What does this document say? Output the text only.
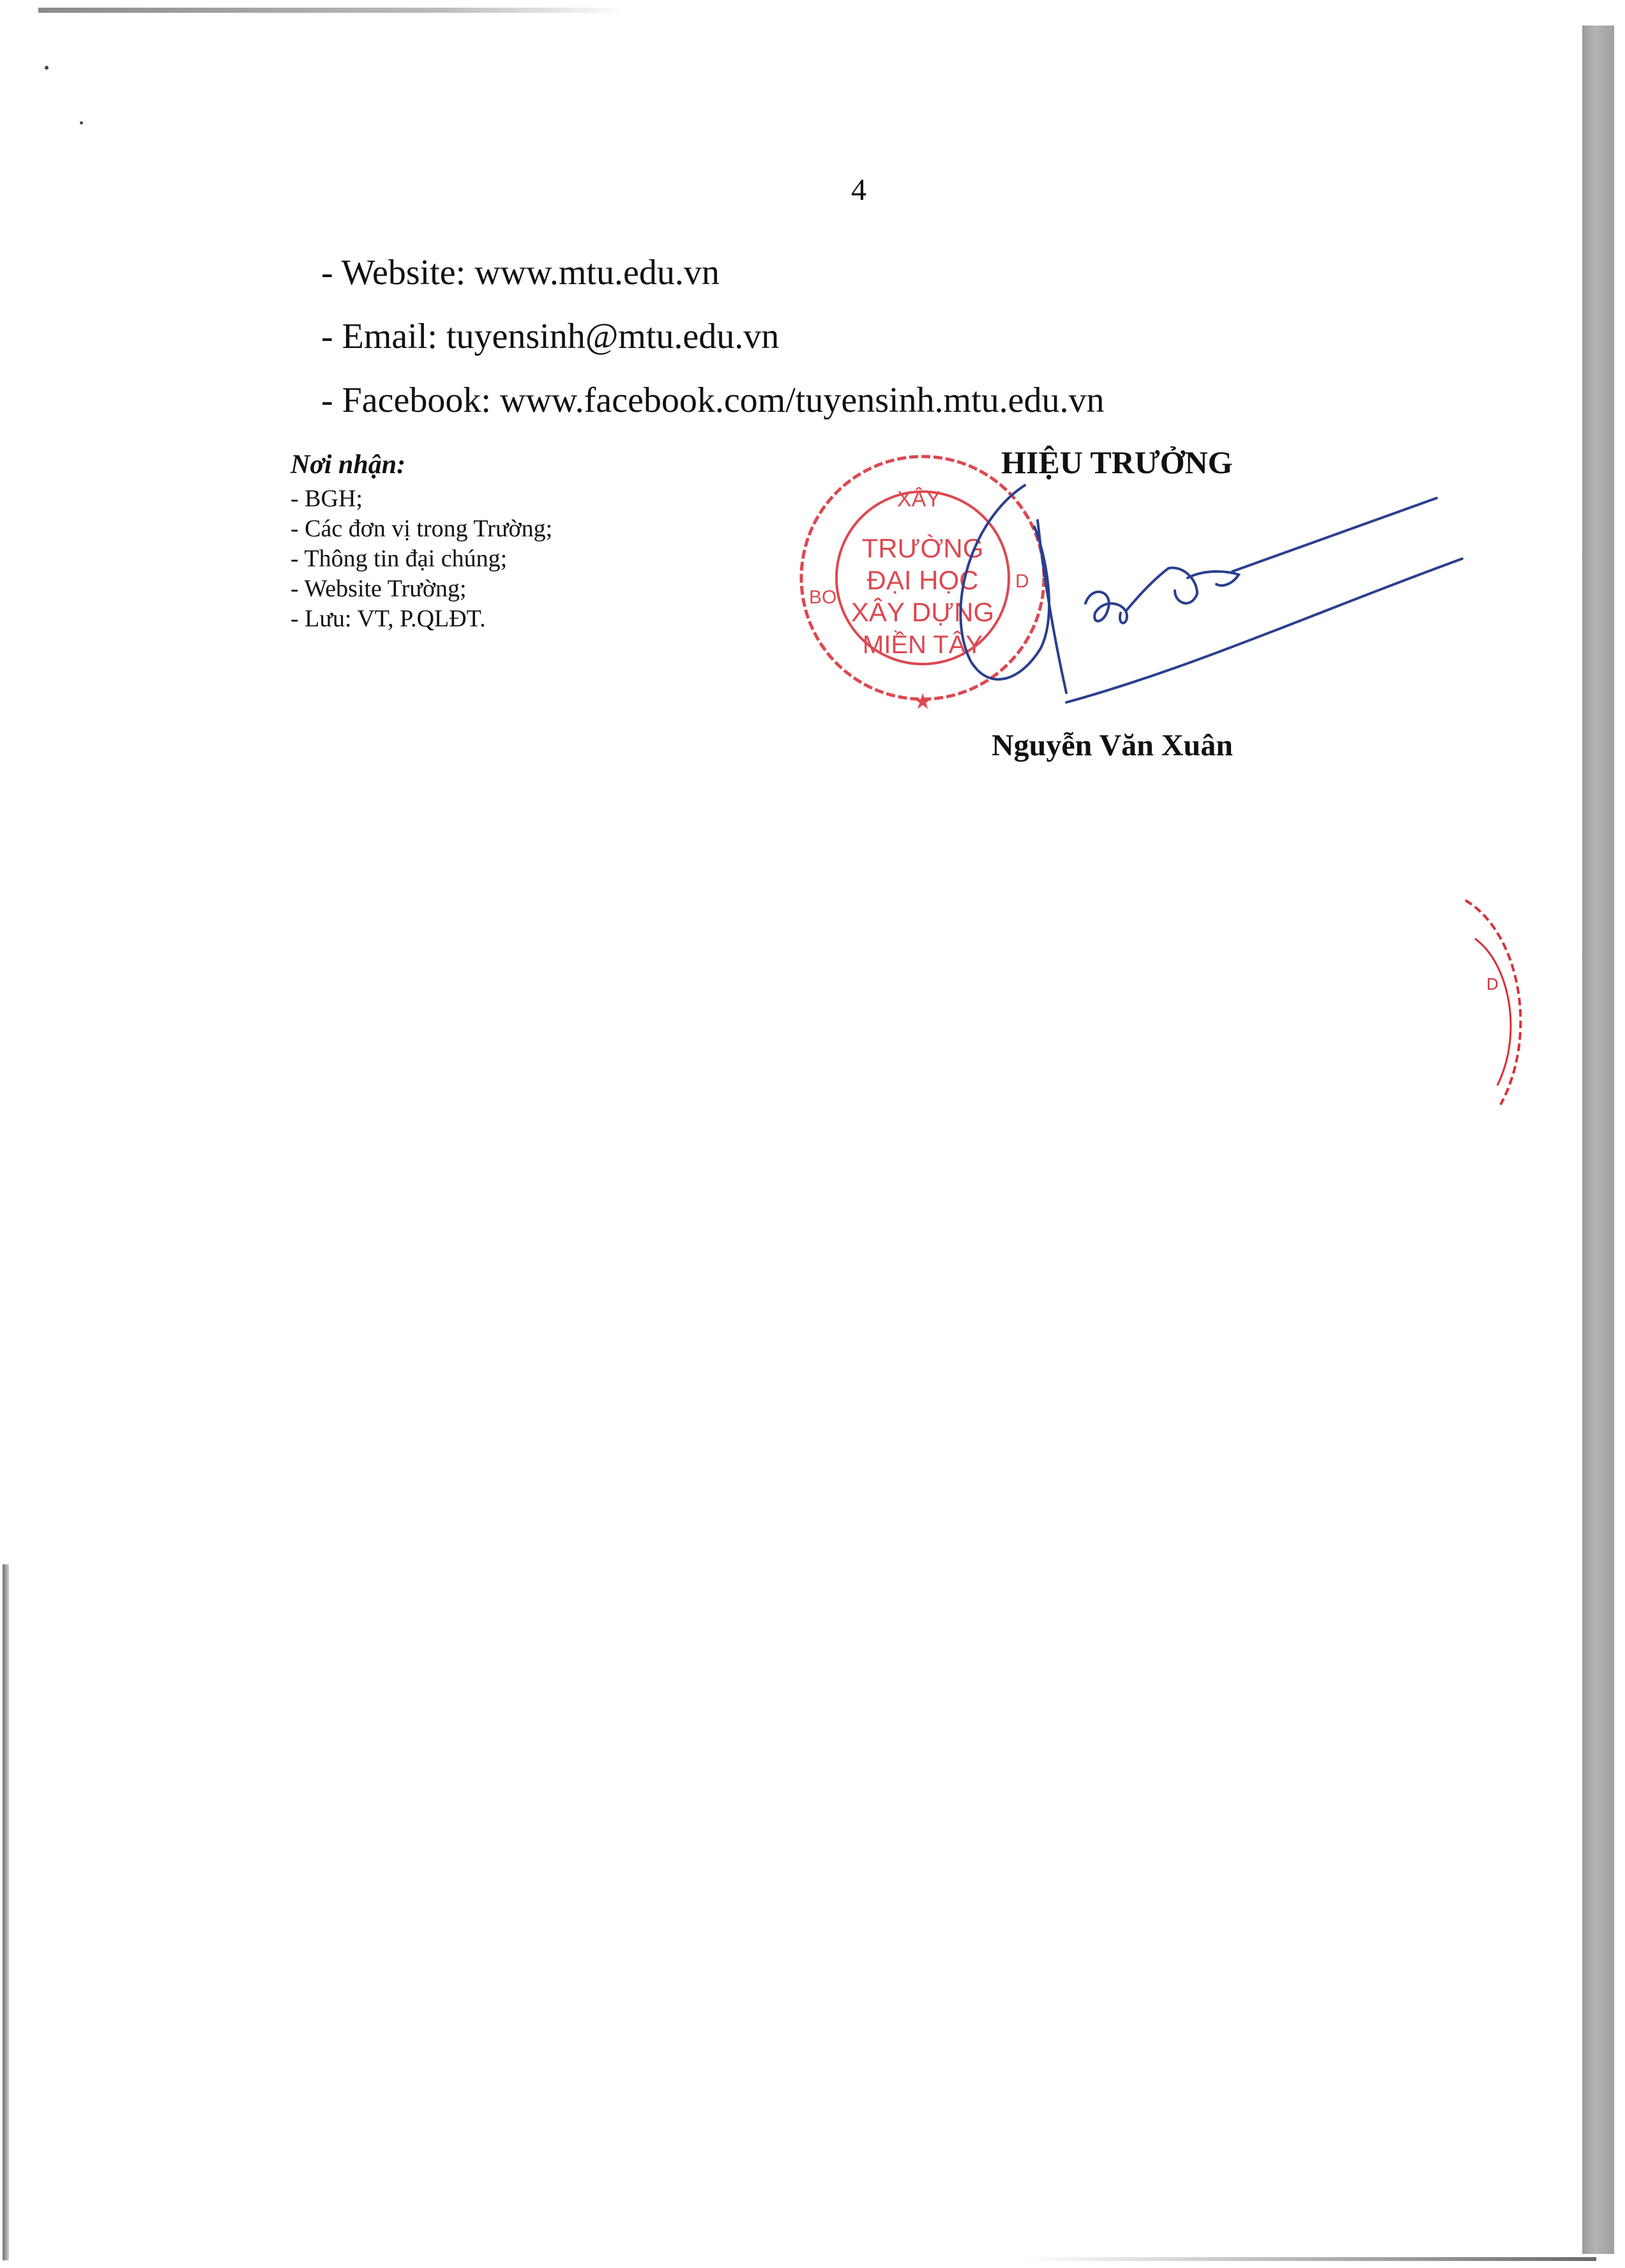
4
- Website: www.mtu.edu.vn
- Email: tuyensinh@mtu.edu.vn
- Facebook: www.facebook.com/tuyensinh.mtu.edu.vn
Nơi nhận:
- BGH;
- Các đơn vị trong Trường;
- Thông tin đại chúng;
- Website Trường;
- Lưu: VT, P.QLĐT.
XÂY
BO
D
TRƯỜNG
ĐẠI HỌC
XÂY DỰNG
MIỀN TÂY
★
HIỆU TRƯỞNG
Nguyễn Văn Xuân
D
